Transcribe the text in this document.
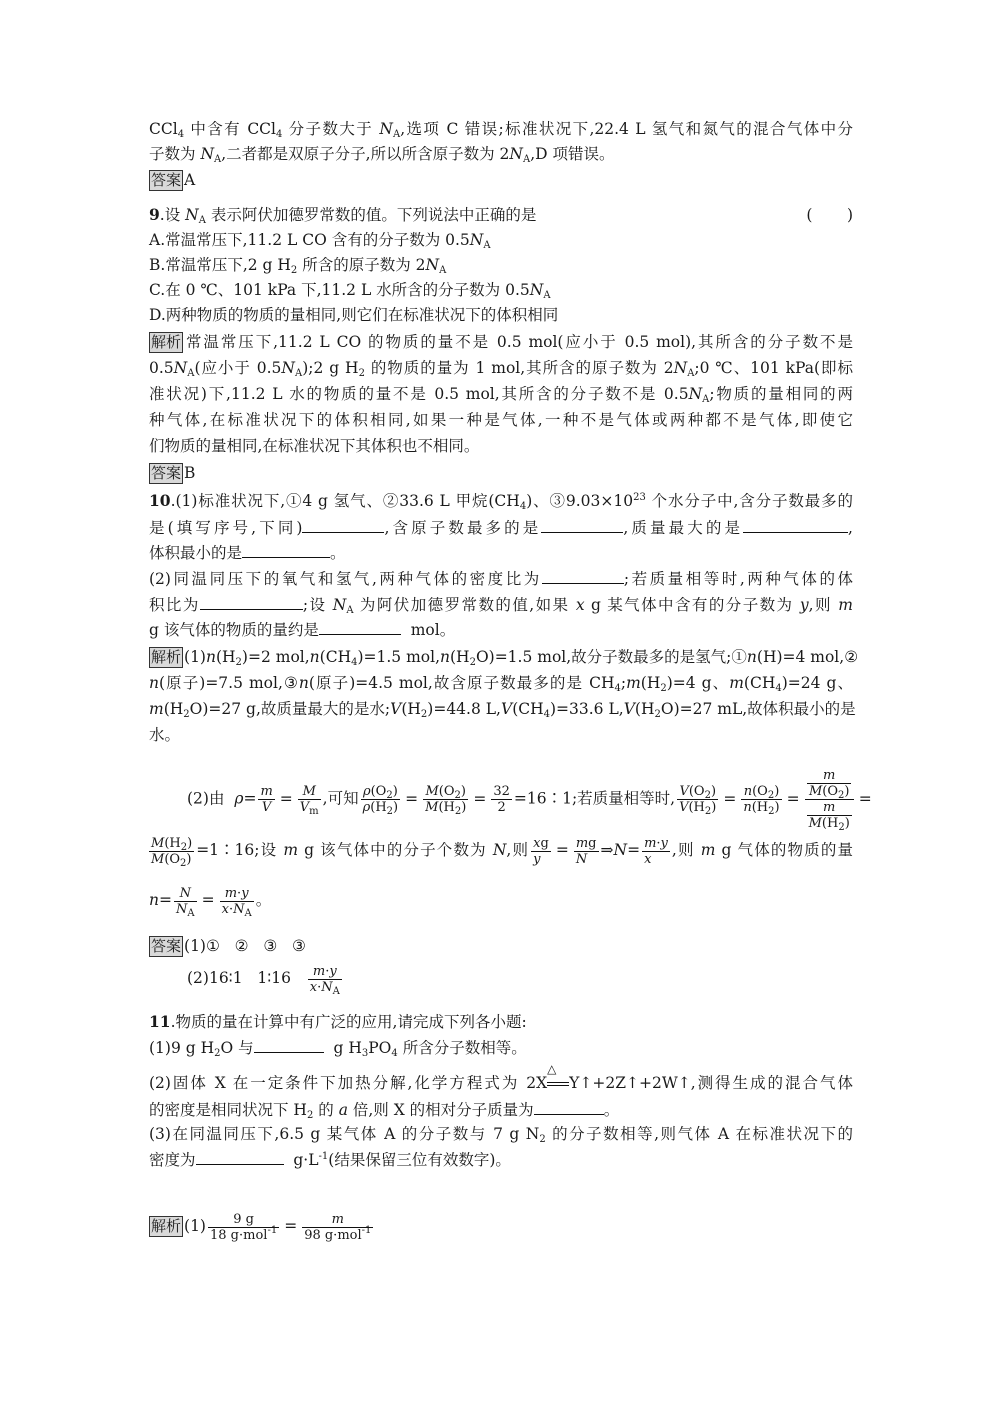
CCl$_4$ 中含有 CCl$_4$ 分子数大于 $N_A$,选项 C 错误;标准状况下,22.4 L 氢气和氮气的混合气体中分
子数为 $N_A$,二者都是双原子分子,所以所含原子数为 $2N_A,D$ 项错误。
答案 A
9.设 $N_A$ 表示阿伏加德罗常数的值。下列说法中正确的是	(       )
A.常温常压下,11.2 L CO 含有的分子数为 $0.5N_A$
B.常温常压下,2 g $H_2$ 所含的原子数为 $2N_A$
C.在 0 ℃、101 kPa 下,11.2 L 水所含的分子数为 $0.5N_A$
D.两种物质的物质的量相同,则它们在标准状况下的体积相同
解析 常温常压下,11.2 L CO 的物质的量不是 0.5 mol(应小于 0.5 mol),其所含的分子数不是
$0.5N_A$(应小于 $0.5N_A);2$ g $H_2$ 的物质的量为 1 mol,其所含的原子数为 $2N_A;0$ ℃、101 kPa(即标
准状况)下,11.2 L 水的物质的量不是 0.5 mol,其所含的分子数不是 $0.5N_A$;物质的量相同的两
种气体,在标准状况下的体积相同,如果一种是气体,一种不是气体或两种都不是气体,即使它
们物质的量相同,在标准状况下其体积也不相同。
答案 B
10.(1)标准状况下,①4 g 氢气、②33.6 L 甲烷$(CH_4)$、$③9.03\times 10^{23}$ 个水分子中,含分子数最多的
是(填写序号,下同)	,含原子数最多的是	,质量最大的是	,
体积最小的是	。
(2)同温同压下的氧气和氢气,两种气体的密度比为	;若质量相等时,两种气体的体
积比为	;设 $N_A$ 为阿伏加德罗常数的值,如果 x g 某气体中含有的分子数为 y,则 m
g 该气体的物质的量约是	mol。
解析 $(1)n(H_2)=2$ $mol,n(CH_4)=1.5$ $mol,n(H_2O)=1.5$ mol,故分子数最多的是氢气;①n(H)=4 mol,②
n(原子)=7.5 mol,③n(原子)=4.5 mol,故含原子数最多的是 $CH_4;m(H_2)=4$ g、$m(CH_4)=24$ g、
$m(H_2O)=27$ g,故质量最大的是水$;V(H_2)=44.8$ $L,V(CH_4)=33.6$ $L,V(H_2O)=27$ mL,故体积最小的是
水。
(2)由 $\rho= \frac{m}{V} = \frac{M}{V_m}$ ,可知 $\frac{\rho(O_2)}{\rho(H_2)} = \frac{M(O_2)}{M(H_2)} = \frac{32}{2}$ =16∶1;若质量相等时, $\frac{V(O_2)}{V(H_2)} = \frac{n(O_2)}{n(H_2)} = \frac{\frac{m}{M(O_2)}}{\frac{m}{M(H_2)}}$ =
$\frac{M(H_2)}{M(O_2)}$ =1∶16;设 m g 该气体中的分子个数为 N,则 $\frac{xg}{y} = \frac{mg}{N}$ ⇒N= $\frac{m\cdot y}{x}$ ,则 m g 气体的物质的量
$n= \frac{N}{N_A} = \frac{m\cdot y}{x\cdot N_A}$ 。
答案 (1)①   ②   ③   ③
(2)16∶1   1∶16 $\frac{m\cdot y}{x\cdot N_A}$
11.物质的量在计算中有广泛的应用,请完成下列各小题:
(1)9 g $H_2O$ 与	g $H_3PO_4$ 所含分子数相等。
(2)固体 X 在一定条件下加热分解,化学方程式为 2X
△
Y↑+2Z↑+2W↑,测得生成的混合气体
的密度是相同状况下 $H_2$ 的 a 倍,则 X 的相对分子质量为	。
(3)在同温同压下,6.5 g 某气体 A 的分子数与 7 g $N_2$ 的分子数相等,则气体 A 在标准状况下的
密度为	$g\cdot L^{-1}$(结果保留三位有效数字)。
解析 $(1) \frac{9 g}{18 g\cdot mol^{-1}} = \frac{m}{98 g\cdot mol^{-1}}$
